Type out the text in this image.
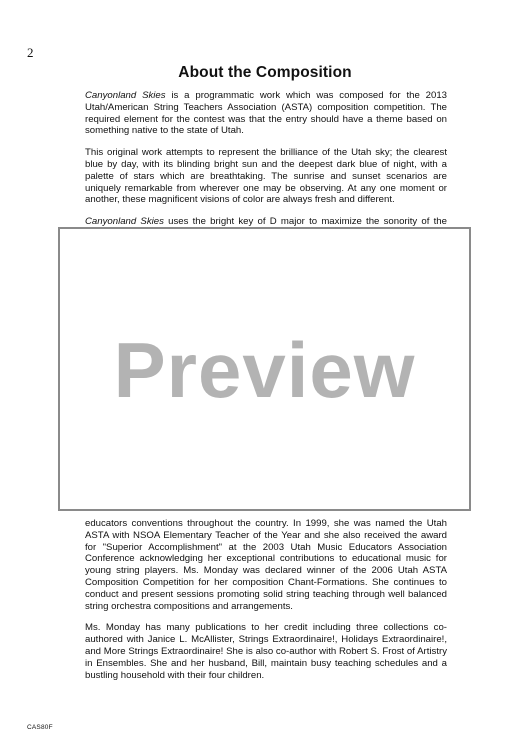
2
About the Composition

Canyonland Skies is a programmatic work which was composed for the 2013 Utah/American String Teachers Association (ASTA) composition competition. The required element for the contest was that the entry should have a theme based on something native to the state of Utah.

This original work attempts to represent the brilliance of the Utah sky; the clearest blue by day, with its blinding bright sun and the deepest dark blue of night, with a palette of stars which are breathtaking. The sunrise and sunset scenarios are uniquely remarkable from wherever one may be observing. At any one moment or another, these magnificent visions of color are always fresh and different.

Canyonland Skies uses the bright key of D major to maximize the sonority of the

educators conventions throughout the country. In 1999, she was named the Utah ASTA with NSOA Elementary Teacher of the Year and she also received the award for "Superior Accomplishment" at the 2003 Utah Music Educators Association Conference acknowledging her exceptional contributions to educational music for young string players. Ms. Monday was declared winner of the 2006 Utah ASTA Composition Competition for her composition Chant-Formations. She continues to conduct and present sessions promoting solid string teaching through well balanced string orchestra compositions and arrangements.

Ms. Monday has many publications to her credit including three collections co-authored with Janice L. McAllister, Strings Extraordinaire!, Holidays Extraordinaire!, and More Strings Extraordinaire! She is also co-author with Robert S. Frost of Artistry in Ensembles. She and her husband, Bill, maintain busy teaching schedules and a bustling household with their four children.

Preview
CAS80F
